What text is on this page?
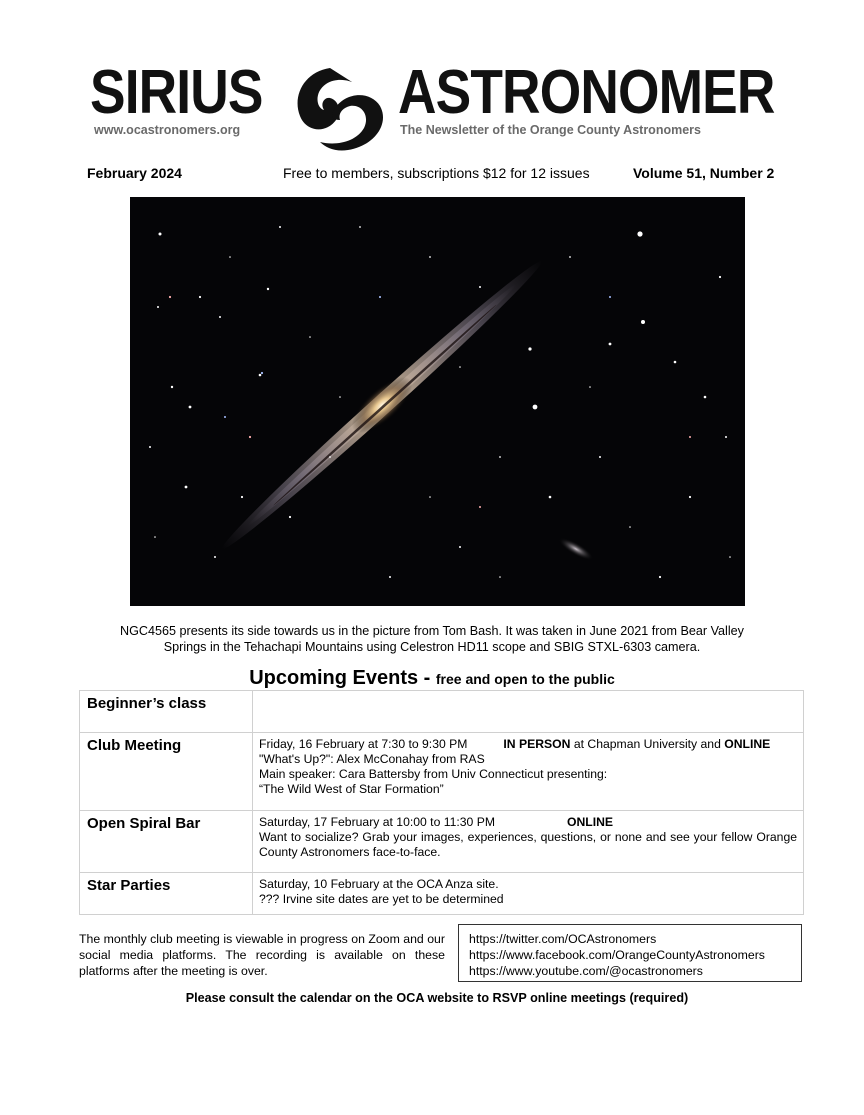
SIRIUS ASTRONOMER
www.ocastronomers.org	The Newsletter of the Orange County Astronomers
February 2024	Free to members, subscriptions $12 for 12 issues	Volume 51, Number 2
NGC4565 presents its side towards us in the picture from Tom Bash. It was taken in June 2021 from Bear Valley Springs in the Tehachapi Mountains using Celestron HD11 scope and SBIG STXL-6303 camera.
Upcoming Events - free and open to the public
Beginner’s class	
Club Meeting	Friday, 16 February at 7:30 to 9:30 PM IN PERSON at Chapman University and ONLINE
"What's Up?": Alex McConahay from RAS
Main speaker: Cara Battersby from Univ Connecticut presenting:
“The Wild West of Star Formation”

Open Spiral Bar	Saturday, 17 February at 10:00 to 11:30 PM ONLINE
Want to socialize? Grab your images, experiences, questions, or none and see your fellow Orange County Astronomers face-to-face.

Star Parties	Saturday, 10 February at the OCA Anza site.
??? Irvine site dates are yet to be determined
The monthly club meeting is viewable in progress on Zoom and our social media platforms. The recording is available on these platforms after the meeting is over.
https://twitter.com/OCAstronomers
https://www.facebook.com/OrangeCountyAstronomers
https://www.youtube.com/@ocastronomers
Please consult the calendar on the OCA website to RSVP online meetings (required)
